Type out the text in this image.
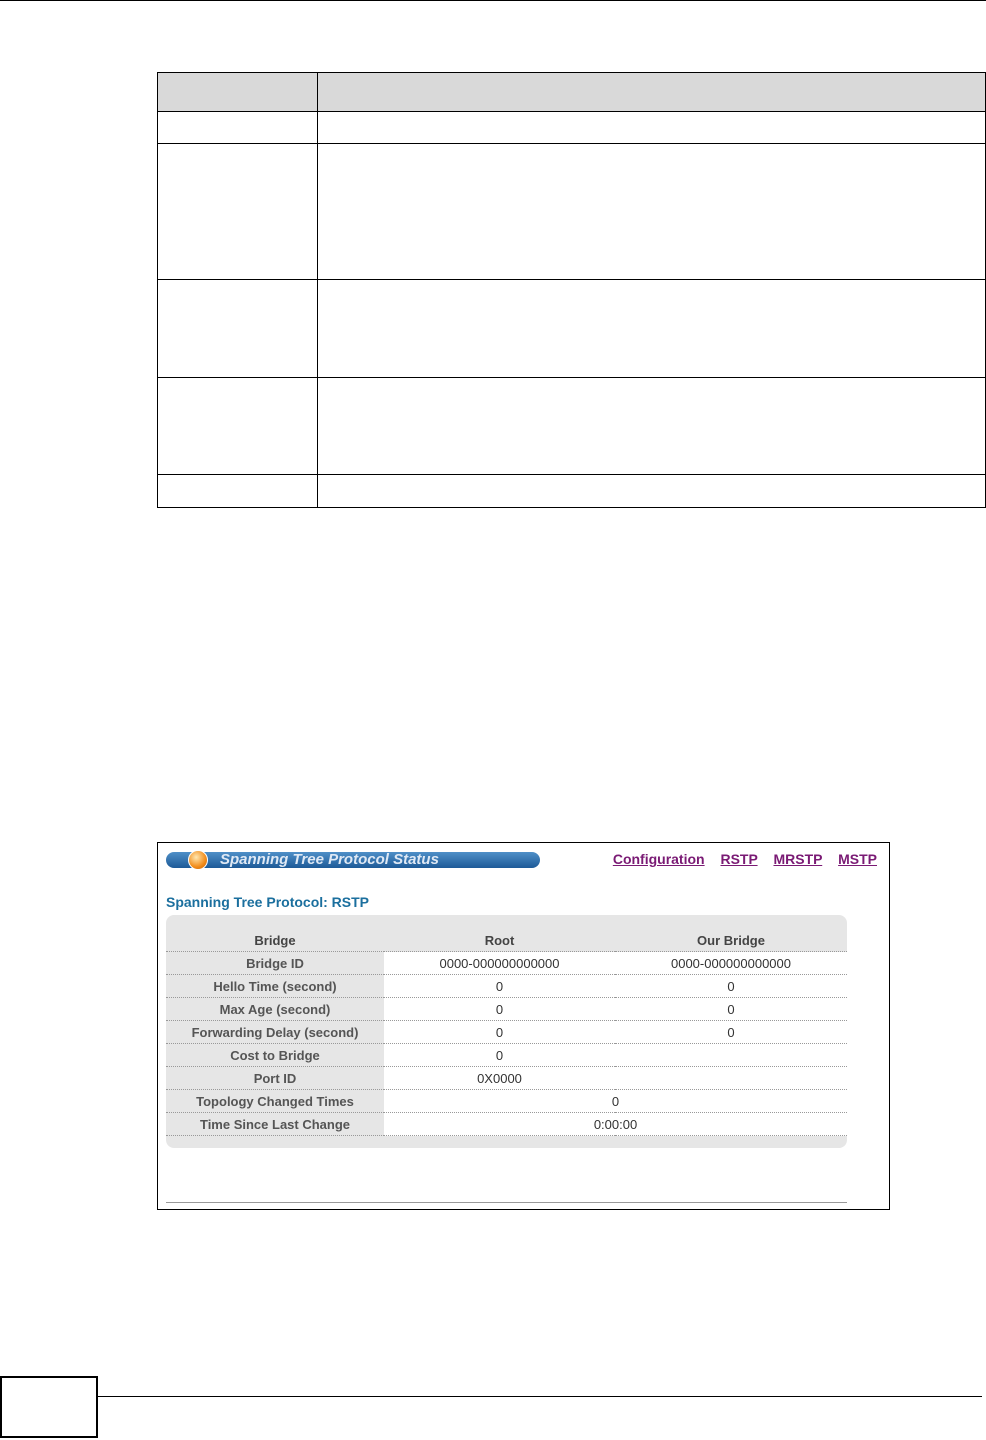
Spanning Tree Protocol Status	Configuration RSTP MRSTP MSTP
Spanning Tree Protocol: RSTP
Bridge	Root	Our Bridge
Bridge ID	0000-000000000000	0000-000000000000
Hello Time (second)	0	0
Max Age (second)	0	0
Forwarding Delay (second)	0	0
Cost to Bridge	0	
Port ID	0X0000	
Topology Changed Times	0	
Time Since Last Change	0:00:00	
